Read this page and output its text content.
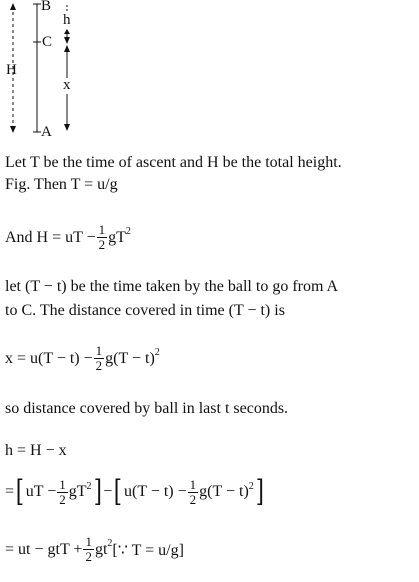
B
C
A
H
h
x
Let T be the time of ascent and H be the total height.
Fig. Then T = u/g
And H = uT − $\frac{1}{2} gT^2$
let (T − t) be the time taken by the ball to go from A
to C. The distance covered in time (T − t) is
$x = u(T - t) - \frac{1}{2} g(T - t)^2$
so distance covered by ball in last t seconds.
h = H − x
=[ uT − $\frac{1}{2} gT^2]-$[ $u(T - t) - \frac{1}{2} g(T - t)^2$]
= ut − gtT + $\frac{1}{2}$ $gt^2[\because$ T = u/g]
